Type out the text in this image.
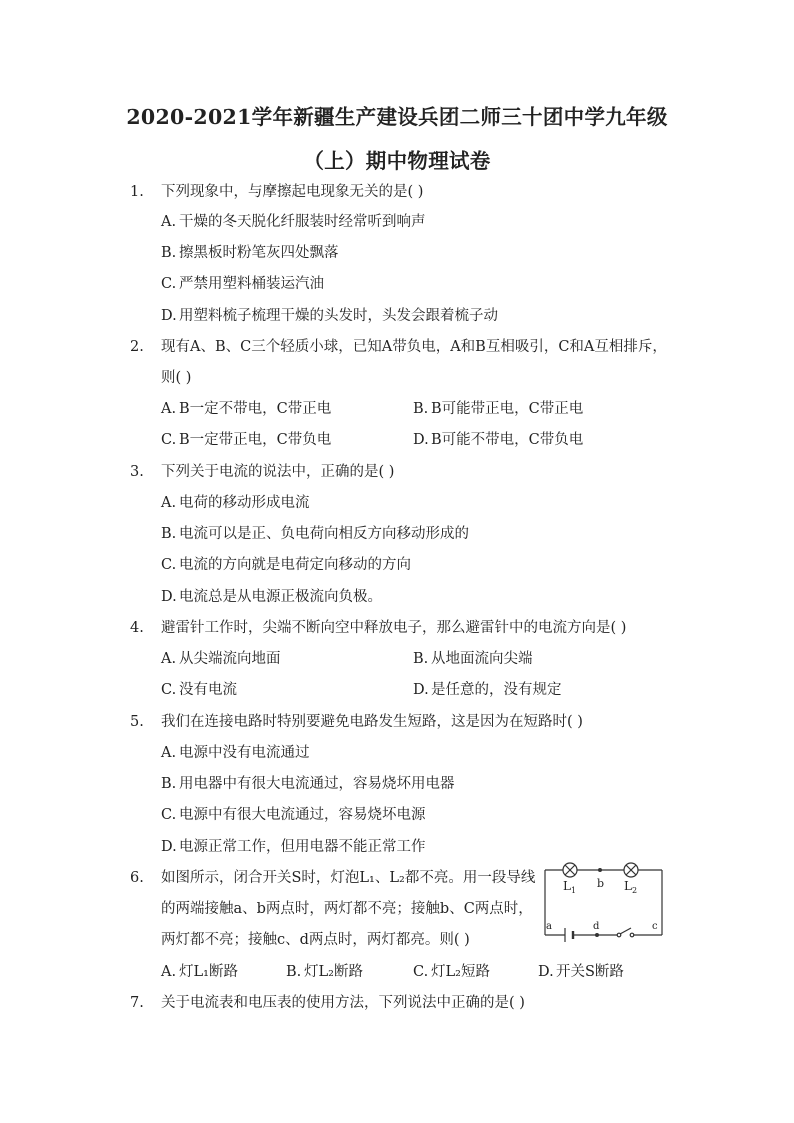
2020-2021学年新疆生产建设兵团二师三十团中学九年级
（上）期中物理试卷
1.	下列现象中，与摩擦起电现象无关的是( )
A. 干燥的冬天脱化纤服装时经常听到响声
B. 擦黑板时粉笔灰四处飘落
C. 严禁用塑料桶装运汽油
D. 用塑料梳子梳理干燥的头发时，头发会跟着梳子动
2.	现有A、B、C三个轻质小球，已知A带负电，A和B互相吸引，C和A互相排斥，
则( )
A. B一定不带电，C带正电	B. B可能带正电，C带正电
C. B一定带正电，C带负电	D. B可能不带电，C带负电
3.	下列关于电流的说法中，正确的是( )
A. 电荷的移动形成电流
B. 电流可以是正、负电荷向相反方向移动形成的
C. 电流的方向就是电荷定向移动的方向
D. 电流总是从电源正极流向负极。
4.	避雷针工作时，尖端不断向空中释放电子，那么避雷针中的电流方向是( )
A. 从尖端流向地面	B. 从地面流向尖端
C. 没有电流	D. 是任意的，没有规定
5.	我们在连接电路时特别要避免电路发生短路，这是因为在短路时( )
A. 电源中没有电流通过
B. 用电器中有很大电流通过，容易烧坏用电器
C. 电源中有很大电流通过，容易烧坏电源
D. 电源正常工作，但用电器不能正常工作
6.	如图所示，闭合开关S时，灯泡L₁、L₂都不亮。用一段导线
的两端接触a、b两点时，两灯都不亮；接触b、C两点时，
两灯都不亮；接触c、d两点时，两灯都亮。则( )
A. 灯L₁断路	B. 灯L₂断路	C. 灯L₂短路	D. 开关S断路
$L_1$	$L_2$
b
a	d	c
7.	关于电流表和电压表的使用方法，下列说法中正确的是( )
